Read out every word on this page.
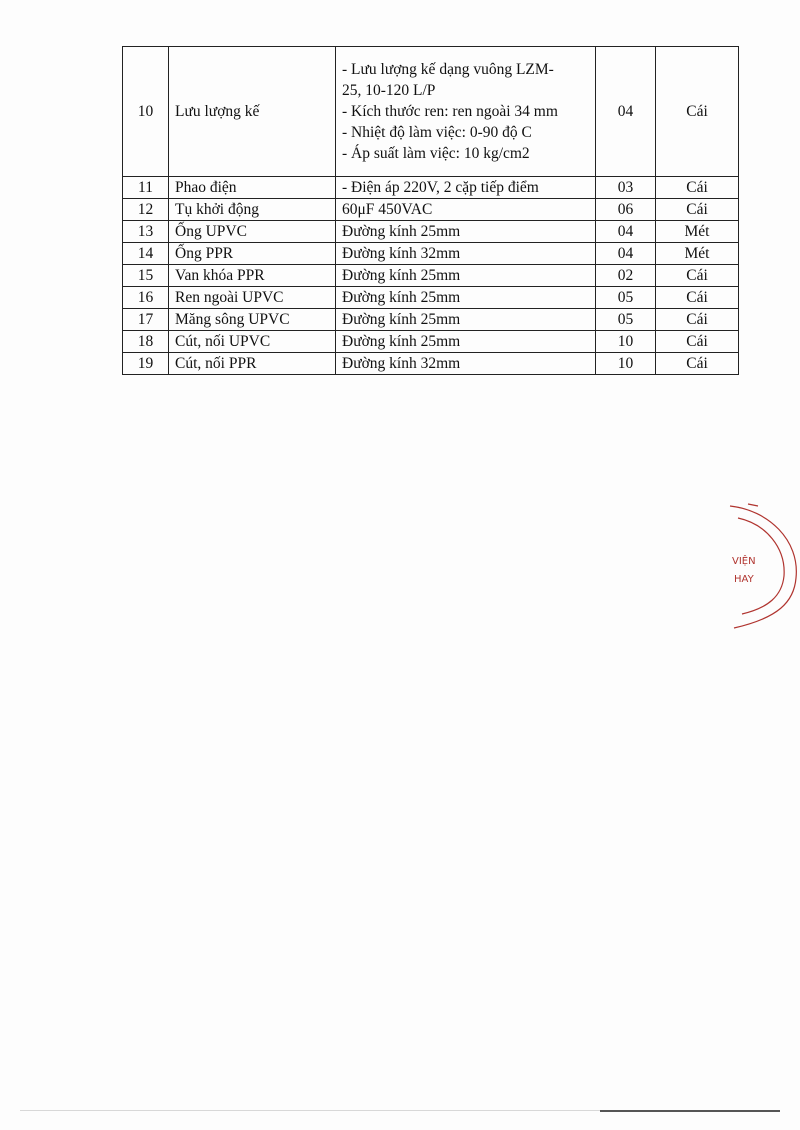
10	Lưu lượng kế	- Lưu lượng kế dạng vuông LZM-
25, 10-120 L/P
- Kích thước ren: ren ngoài 34 mm
- Nhiệt độ làm việc: 0-90 độ C
- Áp suất làm việc: 10 kg/cm2	04	Cái
11	Phao điện	- Điện áp 220V, 2 cặp tiếp điểm	03	Cái
12	Tụ khởi động	60μF 450VAC	06	Cái
13	Ống UPVC	Đường kính 25mm	04	Mét
14	Ống PPR	Đường kính 32mm	04	Mét
15	Van khóa PPR	Đường kính 25mm	02	Cái
16	Ren ngoài UPVC	Đường kính 25mm	05	Cái
17	Măng sông UPVC	Đường kính 25mm	05	Cái
18	Cút, nối UPVC	Đường kính 25mm	10	Cái
19	Cút, nối PPR	Đường kính 32mm	10	Cái
VIỆN
HAY
